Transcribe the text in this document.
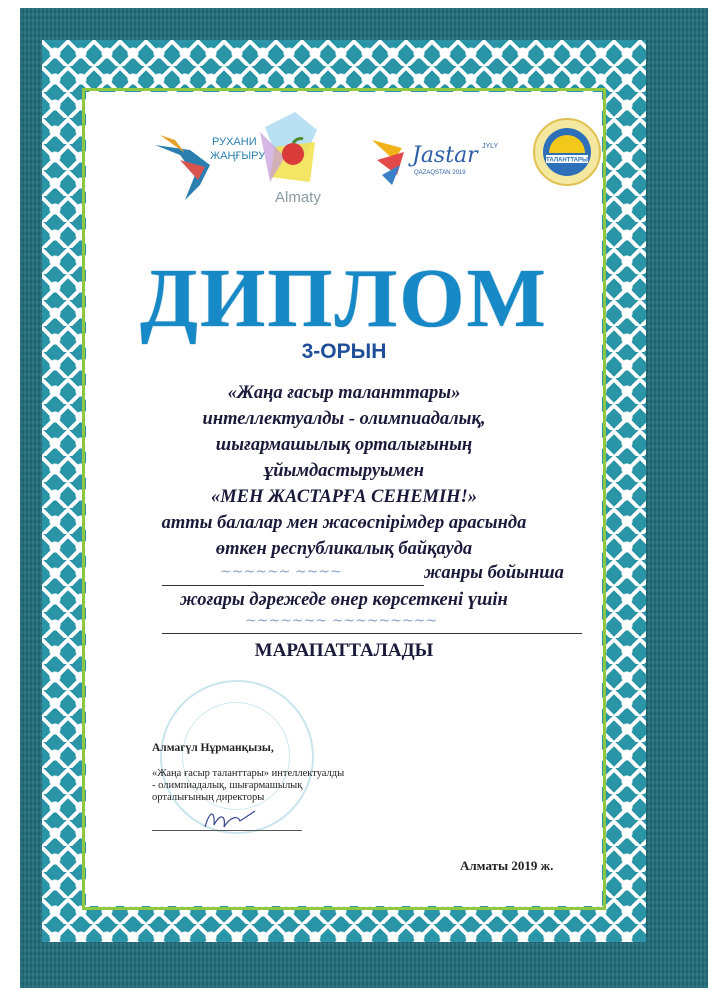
РУХАНИ
ЖАҢҒЫРУ
Almaty
Jastar JYLY
QAZAQSTAN 2019
ТАЛАНТТАРЫ
ДИПЛОМ
3-ОРЫН
«Жаңа ғасыр таланттары»
интеллектуалды - олимпиадалық,
шығармашылық орталығының
ұйымдастыруымен
«МЕН ЖАСТАРҒА СЕНЕМІН!»
атты балалар мен жасөспірімдер арасында
өткен республикалық байқауда
~~~~~~ ~~~~	жанры бойынша
жоғары дәрежеде өнер көрсеткені үшін
~~~~~~~ ~~~~~~~~~
МАРАПАТТАЛАДЫ
Алмагүл Нұрманқызы,
«Жаңа ғасыр таланттары» интеллектуалды
- олимпиадалық, шығармашылық
орталығының директоры
Алматы 2019 ж.
